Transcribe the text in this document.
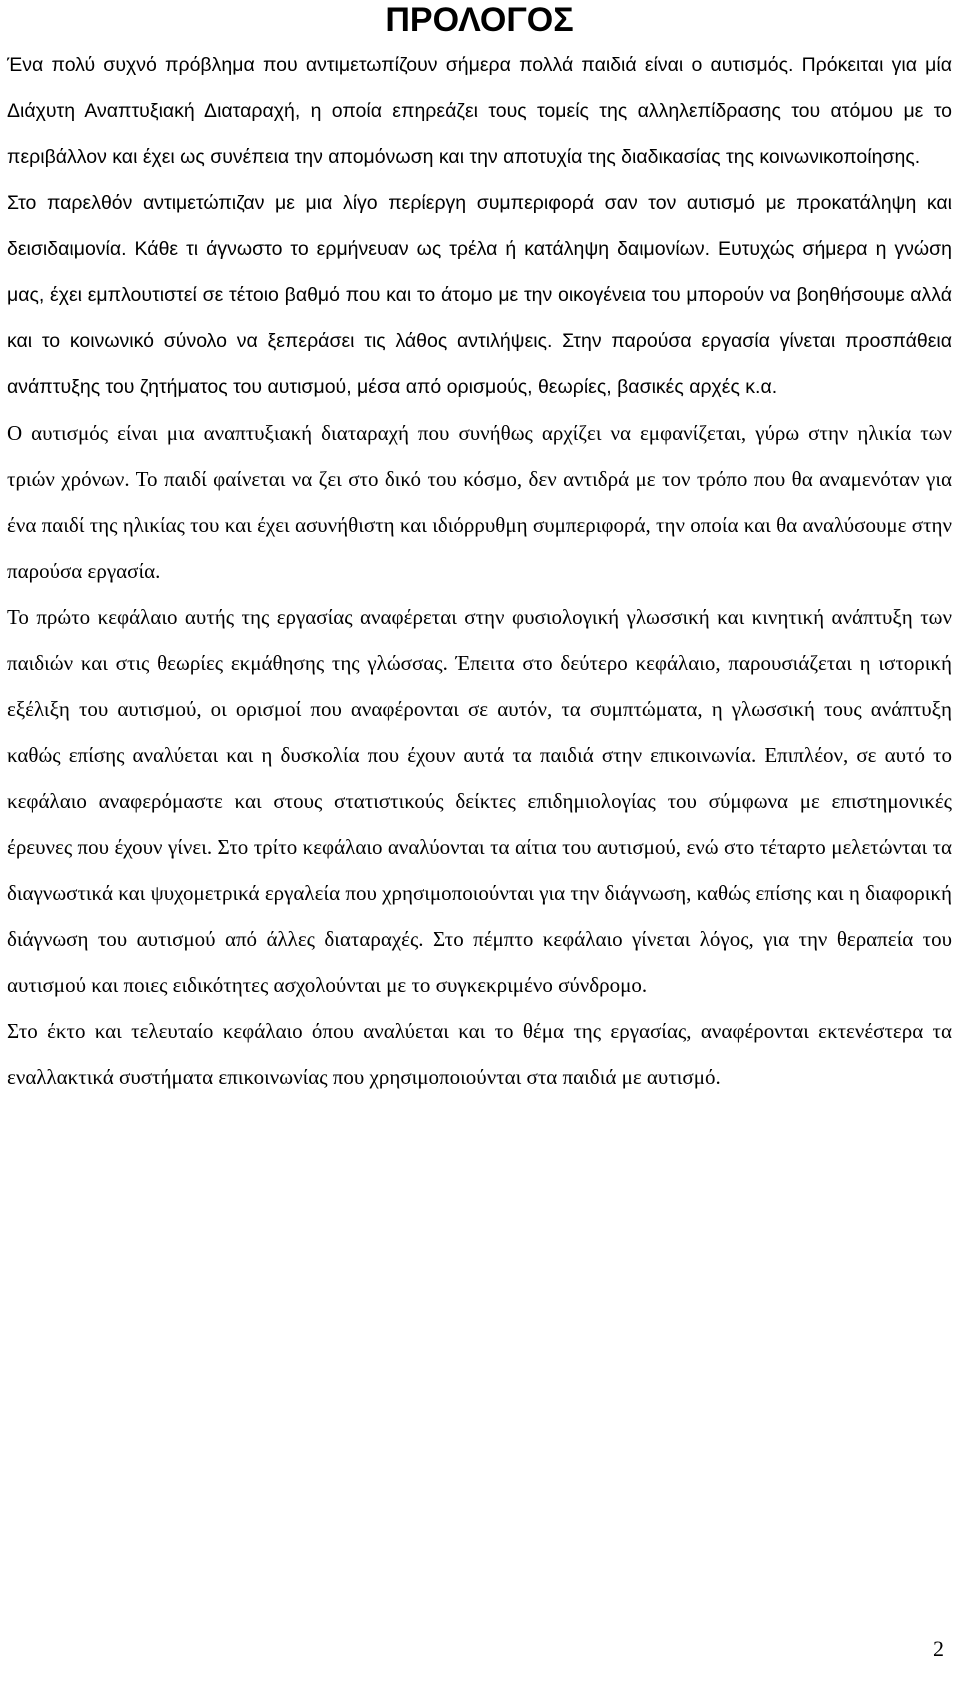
ΠΡΟΛΟΓΟΣ

Ένα πολύ συχνό πρόβλημα που αντιμετωπίζουν σήμερα πολλά παιδιά είναι ο αυτισμός. Πρόκειται για μία Διάχυτη Αναπτυξιακή Διαταραχή, η οποία επηρεάζει τους τομείς της αλληλεπίδρασης του ατόμου με το περιβάλλον και έχει ως συνέπεια την απομόνωση και την αποτυχία της διαδικασίας της κοινωνικοποίησης.

Στο παρελθόν αντιμετώπιζαν με μια λίγο περίεργη συμπεριφορά σαν τον αυτισμό με προκατάληψη και δεισιδαιμονία. Κάθε τι άγνωστο το ερμήνευαν ως τρέλα ή κατάληψη δαιμονίων. Ευτυχώς σήμερα η γνώση μας, έχει εμπλουτιστεί σε τέτοιο βαθμό που και το άτομο με την οικογένεια του μπορούν να βοηθήσουμε αλλά και το κοινωνικό σύνολο να ξεπεράσει τις λάθος αντιλήψεις. Στην παρούσα εργασία γίνεται προσπάθεια ανάπτυξης του ζητήματος του αυτισμού, μέσα από ορισμούς, θεωρίες, βασικές αρχές κ.α.

Ο αυτισμός είναι μια αναπτυξιακή διαταραχή που συνήθως αρχίζει να εμφανίζεται, γύρω στην ηλικία των τριών χρόνων. Το παιδί φαίνεται να ζει στο δικό του κόσμο, δεν αντιδρά με τον τρόπο που θα αναμενόταν για ένα παιδί της ηλικίας του και έχει ασυνήθιστη και ιδιόρρυθμη συμπεριφορά, την οποία και θα αναλύσουμε στην παρούσα εργασία.

Το πρώτο κεφάλαιο αυτής της εργασίας αναφέρεται στην φυσιολογική γλωσσική και κινητική ανάπτυξη των παιδιών και στις θεωρίες εκμάθησης της γλώσσας. Έπειτα στο δεύτερο κεφάλαιο, παρουσιάζεται η ιστορική εξέλιξη του αυτισμού, οι ορισμοί που αναφέρονται σε αυτόν, τα συμπτώματα, η γλωσσική τους ανάπτυξη καθώς επίσης αναλύεται και η δυσκολία που έχουν αυτά τα παιδιά στην επικοινωνία. Επιπλέον, σε αυτό το κεφάλαιο αναφερόμαστε και στους στατιστικούς δείκτες επιδημιολογίας του σύμφωνα με επιστημονικές έρευνες που έχουν γίνει. Στο τρίτο κεφάλαιο αναλύονται τα αίτια του αυτισμού, ενώ στο τέταρτο μελετώνται τα διαγνωστικά και ψυχομετρικά εργαλεία που χρησιμοποιούνται για την διάγνωση, καθώς επίσης και η διαφορική διάγνωση του αυτισμού από άλλες διαταραχές. Στο πέμπτο κεφάλαιο γίνεται λόγος, για την θεραπεία του αυτισμού και ποιες ειδικότητες ασχολούνται με το συγκεκριμένο σύνδρομο.

Στο έκτο και τελευταίο κεφάλαιο όπου αναλύεται και το θέμα της εργασίας, αναφέρονται εκτενέστερα τα εναλλακτικά συστήματα επικοινωνίας που χρησιμοποιούνται στα παιδιά με αυτισμό.

2
